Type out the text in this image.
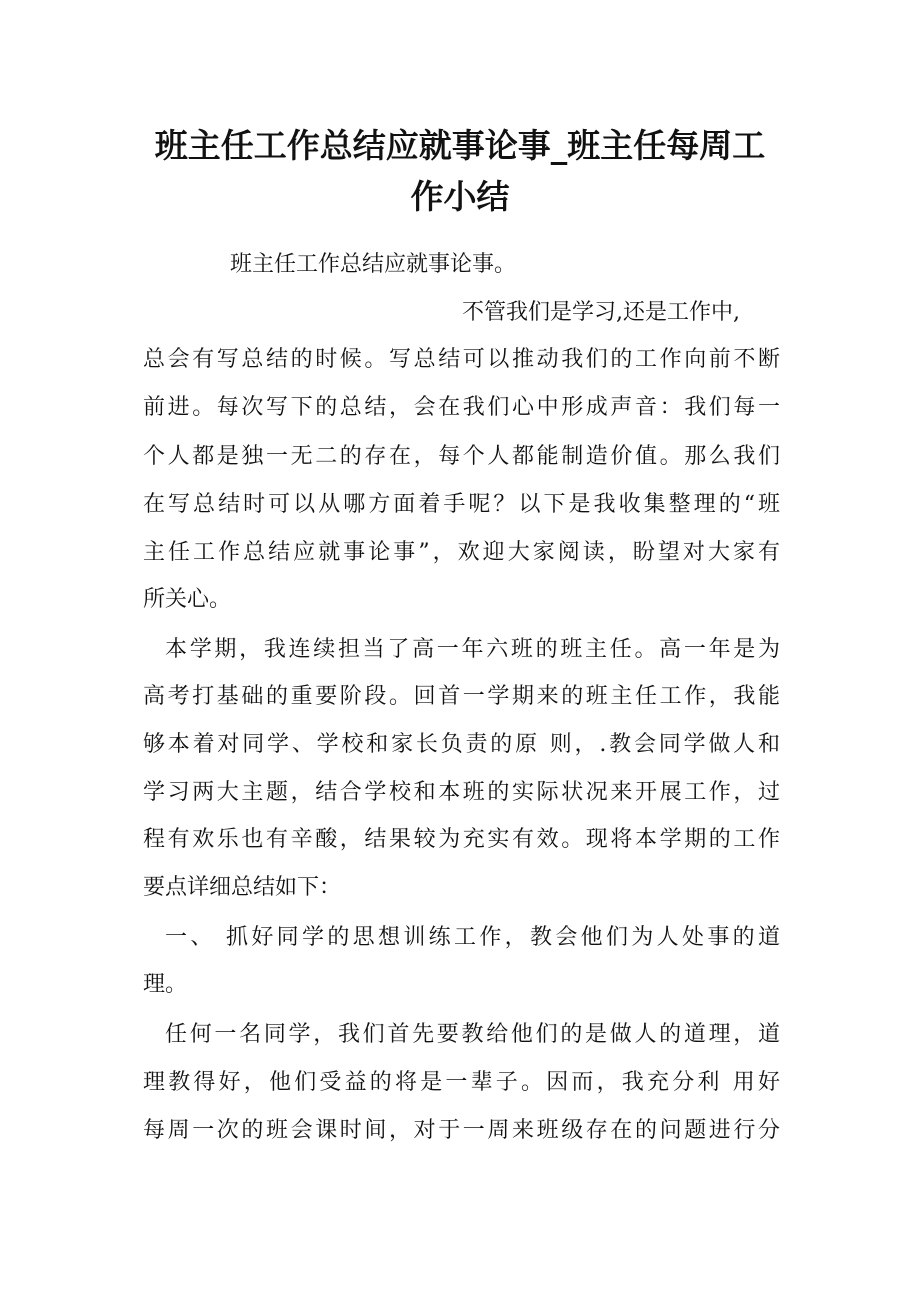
班主任工作总结应就事论事_班主任每周工
作小结
班主任工作总结应就事论事。
不管我们是学习,还是工作中,
总会有写总结的时候。写总结可以推动我们的工作向前不断
前进。每次写下的总结，会在我们心中形成声音：我们每一
个人都是独一无二的存在，每个人都能制造价值。那么我们
在写总结时可以从哪方面着手呢？以下是我收集整理的“班
主任工作总结应就事论事”，欢迎大家阅读，盼望对大家有
所关心。
本学期，我连续担当了高一年六班的班主任。高一年是为
高考打基础的重要阶段。回首一学期来的班主任工作，我能
够本着对同学、学校和家长负责的原 则，.教会同学做人和
学习两大主题，结合学校和本班的实际状况来开展工作，过
程有欢乐也有辛酸，结果较为充实有效。现将本学期的工作
要点详细总结如下：
一、 抓好同学的思想训练工作，教会他们为人处事的道
理。
任何一名同学，我们首先要教给他们的是做人的道理，道
理教得好，他们受益的将是一辈子。因而，我充分利 用好
每周一次的班会课时间，对于一周来班级存在的问题进行分
